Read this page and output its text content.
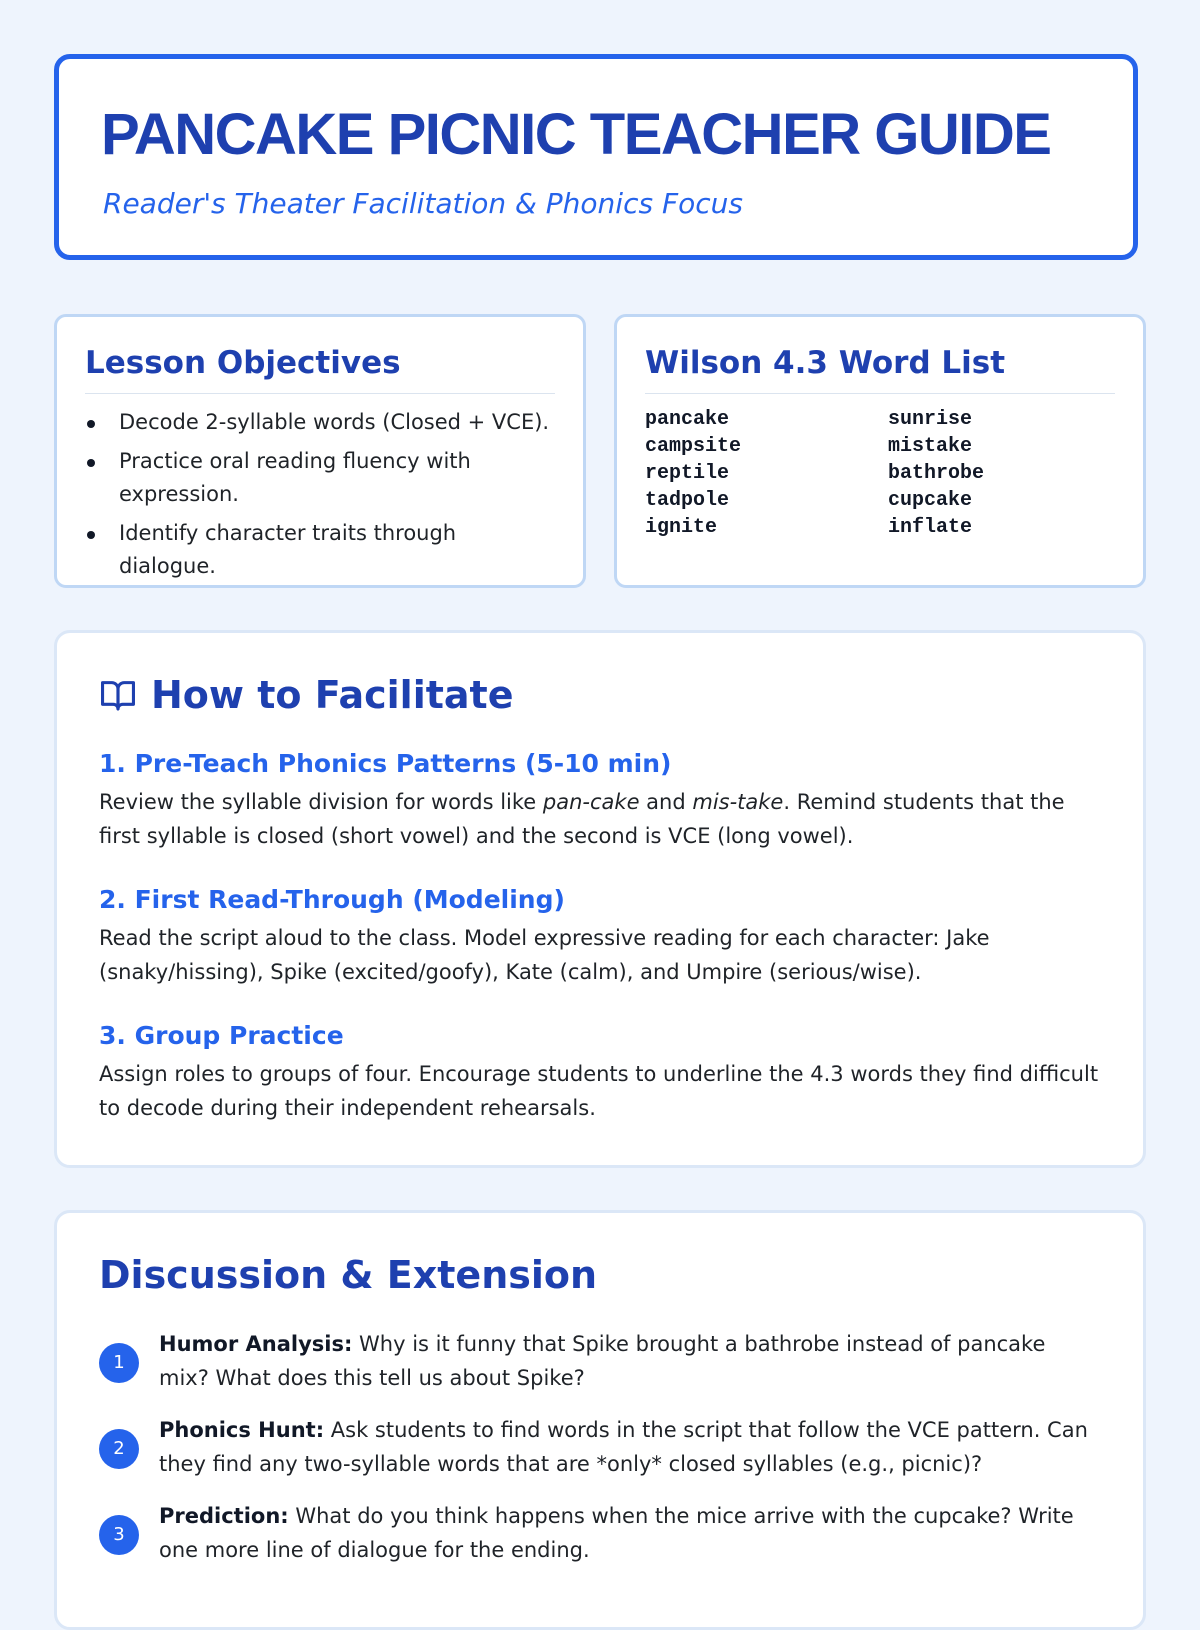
PANCAKE PICNIC TEACHER GUIDE

Reader's Theater Facilitation & Phonics Focus

Lesson Objectives
Decode 2-syllable words (Closed + VCE).
Practice oral reading fluency with expression.
Identify character traits through dialogue.
Wilson 4.3 Word List
pancake	sunrise
campsite	mistake
reptile	bathrobe
tadpole	cupcake
ignite	inflate
How to Facilitate
1. Pre-Teach Phonics Patterns (5-10 min)
Review the syllable division for words like pan-cake and mis-take. Remind students that the first syllable is closed (short vowel) and the second is VCE (long vowel).
2. First Read-Through (Modeling)
Read the script aloud to the class. Model expressive reading for each character: Jake (snaky/hissing), Spike (excited/goofy), Kate (calm), and Umpire (serious/wise).
3. Group Practice
Assign roles to groups of four. Encourage students to underline the 4.3 words they find difficult to decode during their independent rehearsals.
Discussion & Extension
1
Humor Analysis: Why is it funny that Spike brought a bathrobe instead of pancake mix? What does this tell us about Spike?
2
Phonics Hunt: Ask students to find words in the script that follow the VCE pattern. Can they find any two-syllable words that are *only* closed syllables (e.g., picnic)?
3
Prediction: What do you think happens when the mice arrive with the cupcake? Write one more line of dialogue for the ending.
